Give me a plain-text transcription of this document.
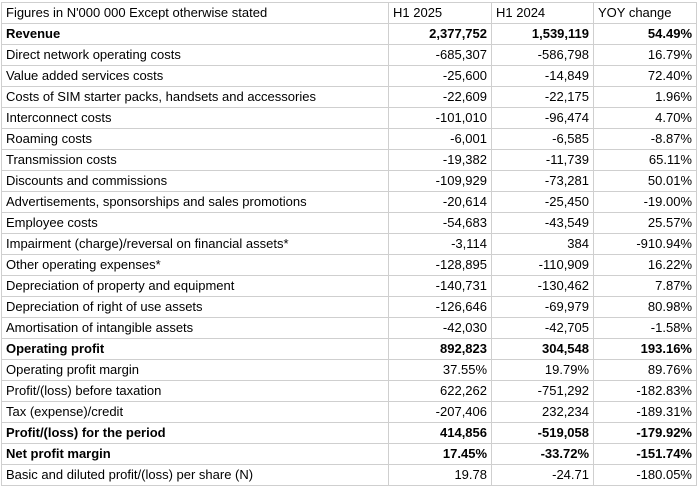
Figures in N'000 000 Except otherwise stated	H1 2025	H1 2024	YOY change
Revenue	2,377,752	1,539,119	54.49%
Direct network operating costs	-685,307	-586,798	16.79%
Value added services costs	-25,600	-14,849	72.40%
Costs of SIM starter packs, handsets and accessories	-22,609	-22,175	1.96%
Interconnect costs	-101,010	-96,474	4.70%
Roaming costs	-6,001	-6,585	-8.87%
Transmission costs	-19,382	-11,739	65.11%
Discounts and commissions	-109,929	-73,281	50.01%
Advertisements, sponsorships and sales promotions	-20,614	-25,450	-19.00%
Employee costs	-54,683	-43,549	25.57%
Impairment (charge)/reversal on financial assets*	-3,114	384	-910.94%
Other operating expenses*	-128,895	-110,909	16.22%
Depreciation of property and equipment	-140,731	-130,462	7.87%
Depreciation of right of use assets	-126,646	-69,979	80.98%
Amortisation of intangible assets	-42,030	-42,705	-1.58%
Operating profit	892,823	304,548	193.16%
Operating profit margin	37.55%	19.79%	89.76%
Profit/(loss) before taxation	622,262	-751,292	-182.83%
Tax (expense)/credit	-207,406	232,234	-189.31%
Profit/(loss) for the period	414,856	-519,058	-179.92%
Net profit margin	17.45%	-33.72%	-151.74%
Basic and diluted profit/(loss) per share (N)	19.78	-24.71	-180.05%
